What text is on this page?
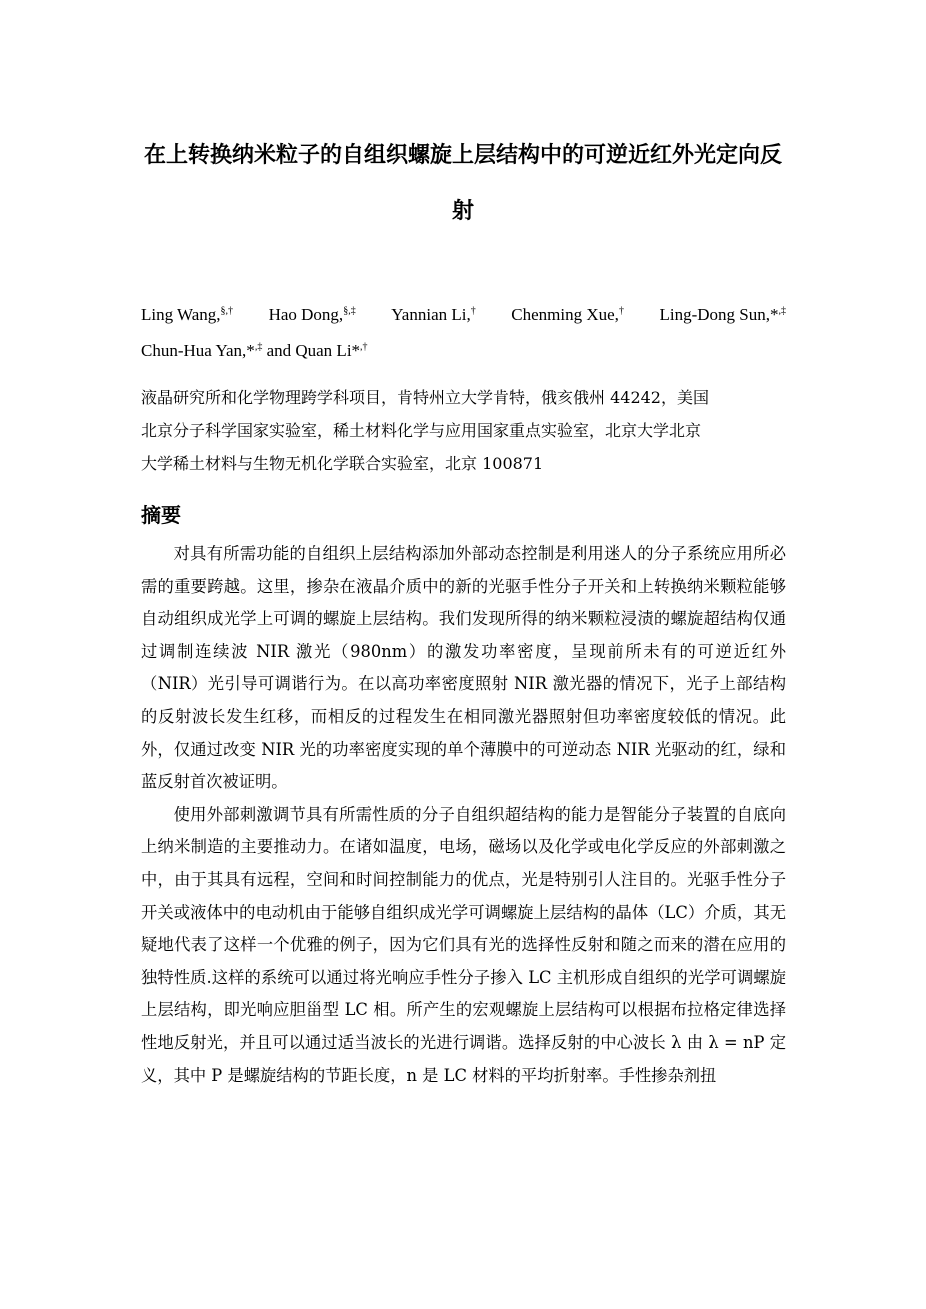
在上转换纳米粒子的自组织螺旋上层结构中的可逆近红外光定向反射
Ling Wang,§,† Hao Dong,§,‡ Yannian Li,† Chenming Xue,† Ling-Dong Sun,*,‡
Chun-Hua Yan,*,‡ and Quan Li*,†
液晶研究所和化学物理跨学科项目，肯特州立大学肯特，俄亥俄州 44242，美国
北京分子科学国家实验室，稀土材料化学与应用国家重点实验室，北京大学北京
大学稀土材料与生物无机化学联合实验室，北京 100871
摘要

对具有所需功能的自组织上层结构添加外部动态控制是利用迷人的分子系统应用所必需的重要跨越。这里，掺杂在液晶介质中的新的光驱手性分子开关和上转换纳米颗粒能够自动组织成光学上可调的螺旋上层结构。我们发现所得的纳米颗粒浸渍的螺旋超结构仅通过调制连续波 NIR 激光（980nm）的激发功率密度，呈现前所未有的可逆近红外（NIR）光引导可调谐行为。在以高功率密度照射 NIR 激光器的情况下，光子上部结构的反射波长发生红移，而相反的过程发生在相同激光器照射但功率密度较低的情况。此外，仅通过改变 NIR 光的功率密度实现的单个薄膜中的可逆动态 NIR 光驱动的红，绿和蓝反射首次被证明。

使用外部刺激调节具有所需性质的分子自组织超结构的能力是智能分子装置的自底向上纳米制造的主要推动力。在诸如温度，电场，磁场以及化学或电化学反应的外部刺激之中，由于其具有远程，空间和时间控制能力的优点，光是特别引人注目的。光驱手性分子开关或液体中的电动机由于能够自组织成光学可调螺旋上层结构的晶体（LC）介质，其无疑地代表了这样一个优雅的例子，因为它们具有光的选择性反射和随之而来的潜在应用的独特性质.这样的系统可以通过将光响应手性分子掺入 LC 主机形成自组织的光学可调螺旋上层结构，即光响应胆甾型 LC 相。所产生的宏观螺旋上层结构可以根据布拉格定律选择性地反射光，并且可以通过适当波长的光进行调谐。选择反射的中心波长 λ 由 λ = nP 定义，其中 P 是螺旋结构的节距长度，n 是 LC 材料的平均折射率。手性掺杂剂扭
